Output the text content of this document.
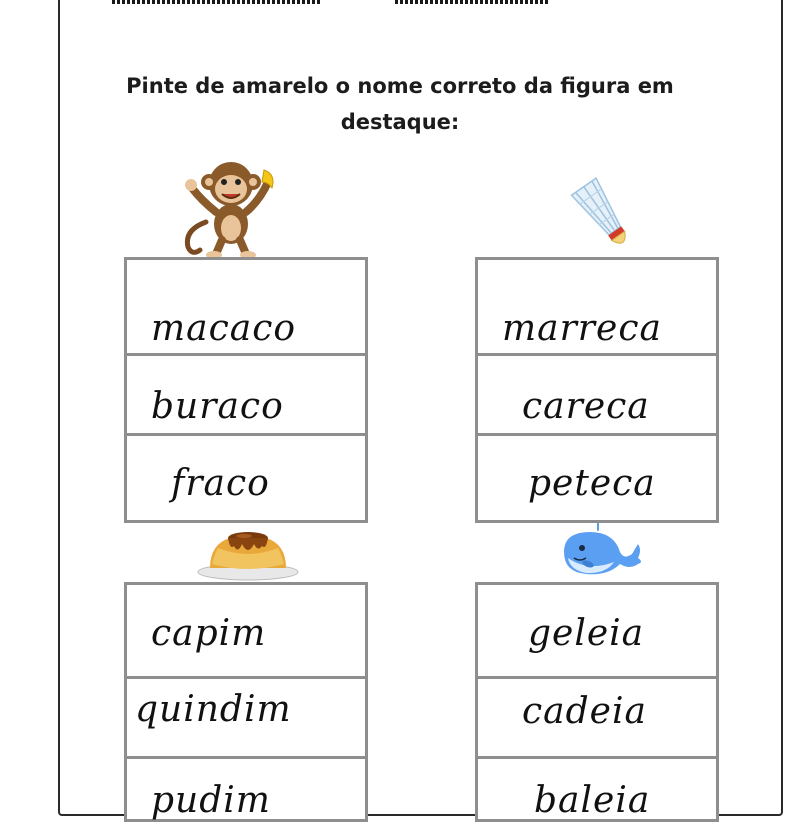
Pinte de amarelo o nome correto da figura em
destaque:
macaco
buraco
fraco
marreca
careca
peteca
capim
quindim
pudim
geleia
cadeia
baleia
